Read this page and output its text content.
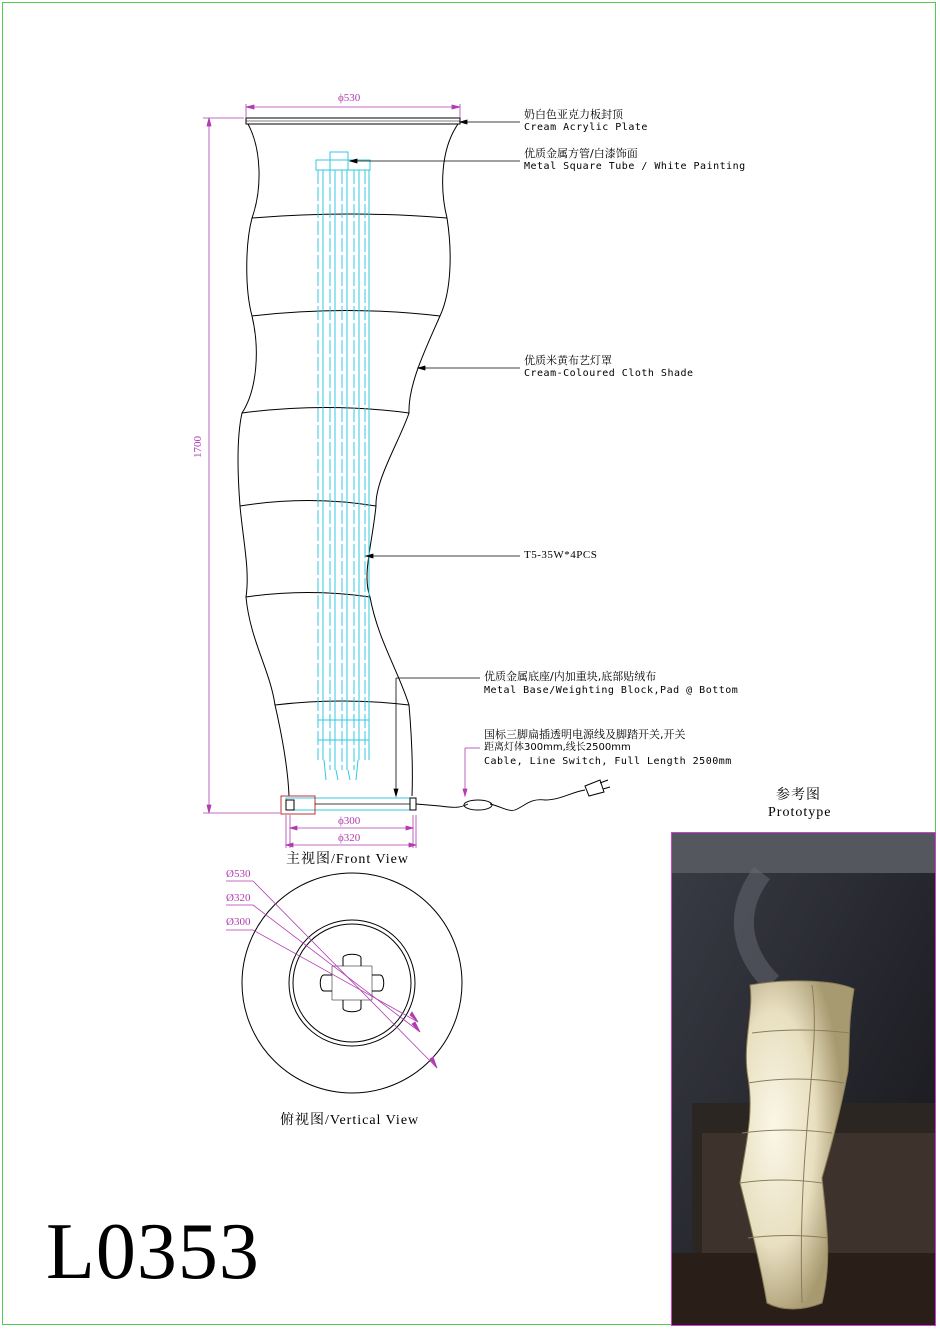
ϕ530
1700
ϕ300
ϕ320
奶白色亚克力板封顶
Cream Acrylic Plate
优质金属方管/白漆饰面
Metal Square Tube / White Painting
优质米黄布艺灯罩
Cream-Coloured Cloth Shade
T5-35W*4PCS
优质金属底座/内加重块,底部贴绒布
Metal Base/Weighting Block,Pad @ Bottom
国标三脚扁插透明电源线及脚踏开关,开关
距离灯体300mm,线长2500mm
Cable, Line Switch, Full Length 2500mm
主视图/Front View
俯视图/Vertical View
参考图
Prototype
Ø530
Ø320
Ø300
L0353
